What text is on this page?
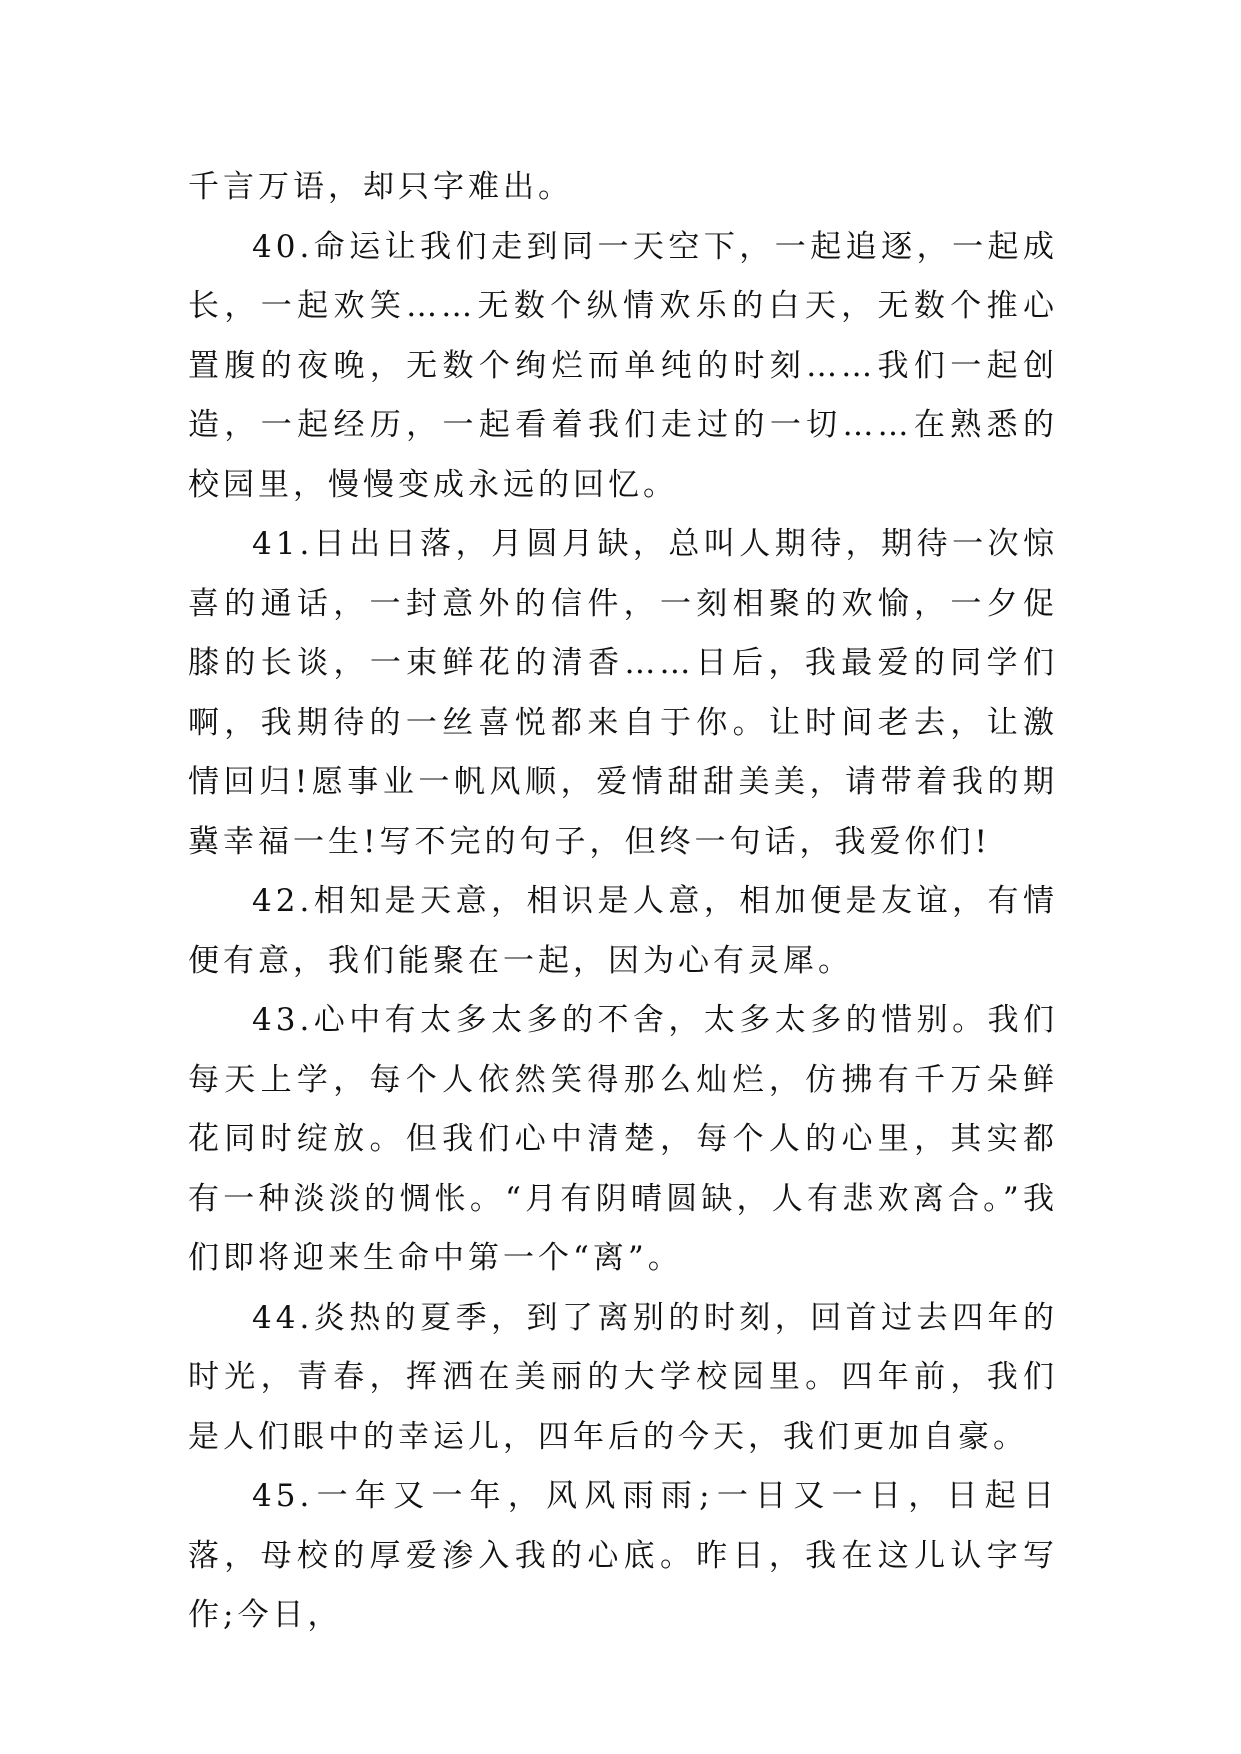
千言万语，却只字难出。

40.命运让我们走到同一天空下，一起追逐，一起成长，一起欢笑……无数个纵情欢乐的白天，无数个推心置腹的夜晚，无数个绚烂而单纯的时刻……我们一起创造，一起经历，一起看着我们走过的一切……在熟悉的校园里，慢慢变成永远的回忆。

41.日出日落，月圆月缺，总叫人期待，期待一次惊喜的通话，一封意外的信件，一刻相聚的欢愉，一夕促膝的长谈，一束鲜花的清香……日后，我最爱的同学们啊，我期待的一丝喜悦都来自于你。让时间老去，让激情回归!愿事业一帆风顺，爱情甜甜美美，请带着我的期冀幸福一生!写不完的句子，但终一句话，我爱你们!

42.相知是天意，相识是人意，相加便是友谊，有情便有意，我们能聚在一起，因为心有灵犀。

43.心中有太多太多的不舍，太多太多的惜别。我们每天上学，每个人依然笑得那么灿烂，仿拂有千万朵鲜花同时绽放。但我们心中清楚，每个人的心里，其实都有一种淡淡的惆怅。“月有阴晴圆缺，人有悲欢离合。”我们即将迎来生命中第一个“离”。

44.炎热的夏季，到了离别的时刻，回首过去四年的时光，青春，挥洒在美丽的大学校园里。四年前，我们是人们眼中的幸运儿，四年后的今天，我们更加自豪。

45.一年又一年，风风雨雨;一日又一日，日起日落，母校的厚爱渗入我的心底。昨日，我在这儿认字写作;今日，
